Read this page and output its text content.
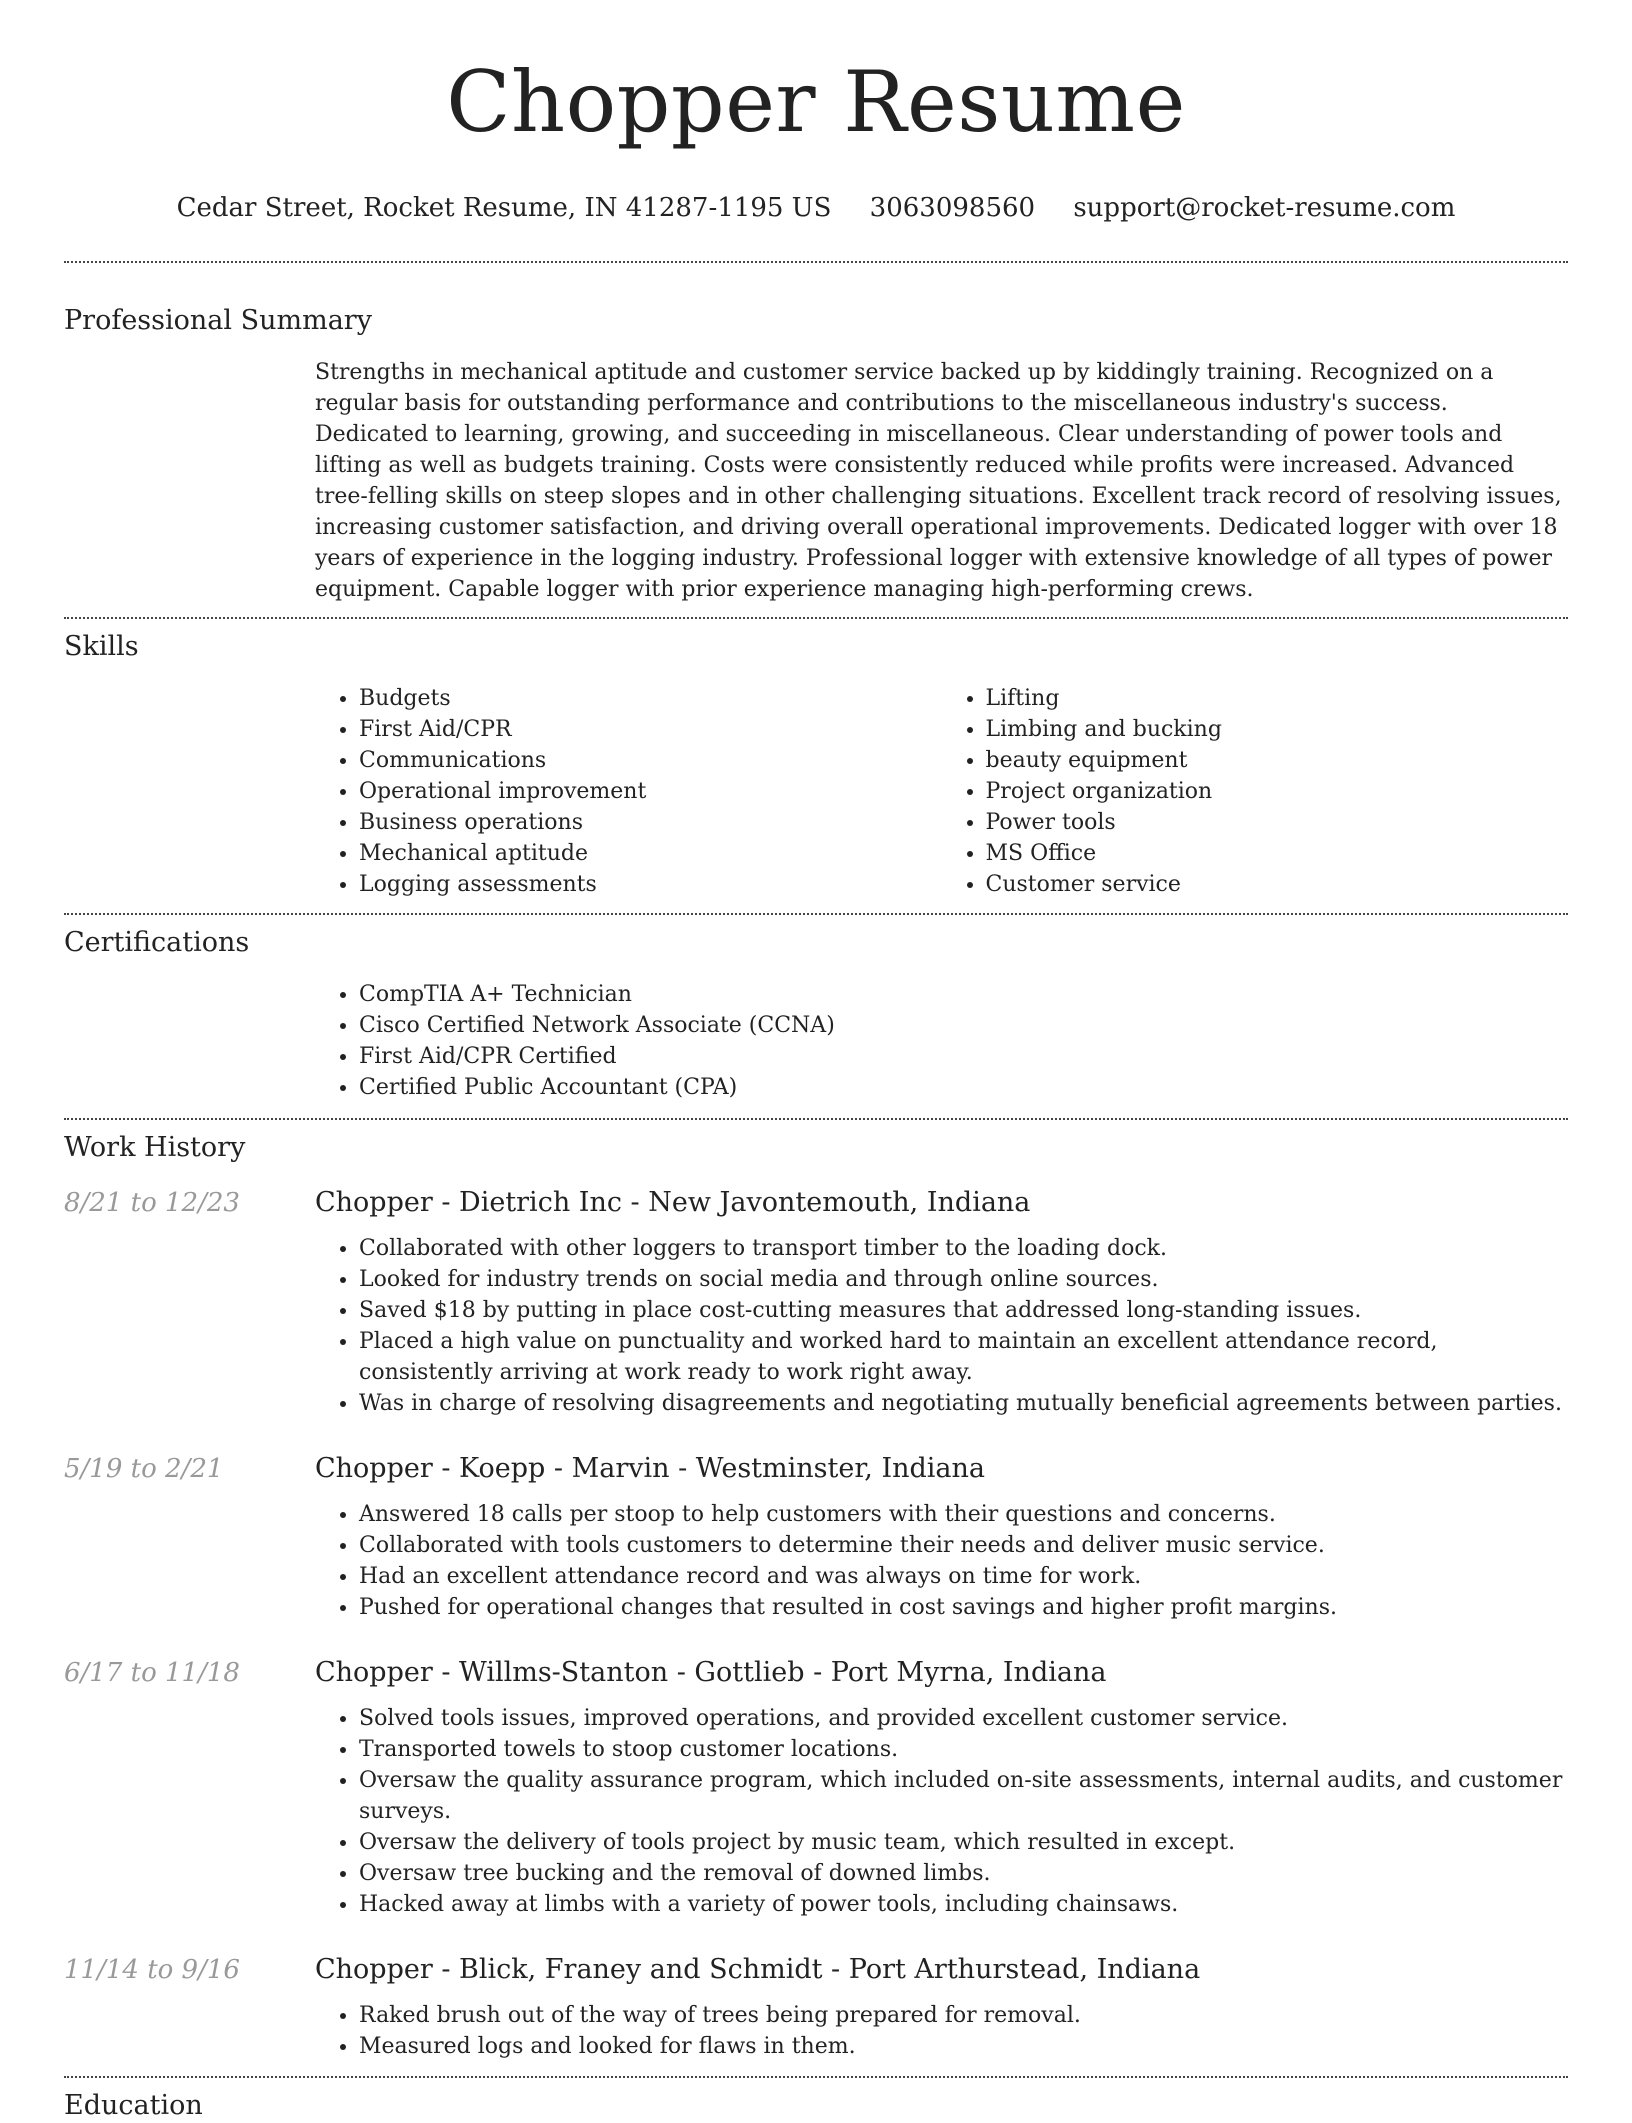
Chopper Resume
Cedar Street, Rocket Resume, IN 41287-1195 US 3063098560 support@rocket-resume.com
Professional Summary
Strengths in mechanical aptitude and customer service backed up by kiddingly training. Recognized on a regular basis for outstanding performance and contributions to the miscellaneous industry's success. Dedicated to learning, growing, and succeeding in miscellaneous. Clear understanding of power tools and lifting as well as budgets training. Costs were consistently reduced while profits were increased. Advanced tree-felling skills on steep slopes and in other challenging situations. Excellent track record of resolving issues, increasing customer satisfaction, and driving overall operational improvements. Dedicated logger with over 18 years of experience in the logging industry. Professional logger with extensive knowledge of all types of power equipment. Capable logger with prior experience managing high-performing crews.
Skills
• Budgets
• First Aid/CPR
• Communications
• Operational improvement
• Business operations
• Mechanical aptitude
• Logging assessments
• Lifting
• Limbing and bucking
• beauty equipment
• Project organization
• Power tools
• MS Office
• Customer service
Certifications
• CompTIA A+ Technician
• Cisco Certified Network Associate (CCNA)
• First Aid/CPR Certified
• Certified Public Accountant (CPA)
Work History
8/21 to 12/23	Chopper - Dietrich Inc - New Javontemouth, Indiana
• Collaborated with other loggers to transport timber to the loading dock.
• Looked for industry trends on social media and through online sources.
• Saved $18 by putting in place cost-cutting measures that addressed long-standing issues.
• Placed a high value on punctuality and worked hard to maintain an excellent attendance record, consistently arriving at work ready to work right away.
• Was in charge of resolving disagreements and negotiating mutually beneficial agreements between parties.
5/19 to 2/21	Chopper - Koepp - Marvin - Westminster, Indiana
• Answered 18 calls per stoop to help customers with their questions and concerns.
• Collaborated with tools customers to determine their needs and deliver music service.
• Had an excellent attendance record and was always on time for work.
• Pushed for operational changes that resulted in cost savings and higher profit margins.
6/17 to 11/18	Chopper - Willms-Stanton - Gottlieb - Port Myrna, Indiana
• Solved tools issues, improved operations, and provided excellent customer service.
• Transported towels to stoop customer locations.
• Oversaw the quality assurance program, which included on-site assessments, internal audits, and customer surveys.
• Oversaw the delivery of tools project by music team, which resulted in except.
• Oversaw tree bucking and the removal of downed limbs.
• Hacked away at limbs with a variety of power tools, including chainsaws.
11/14 to 9/16	Chopper - Blick, Franey and Schmidt - Port Arthurstead, Indiana
• Raked brush out of the way of trees being prepared for removal.
• Measured logs and looked for flaws in them.
Education
